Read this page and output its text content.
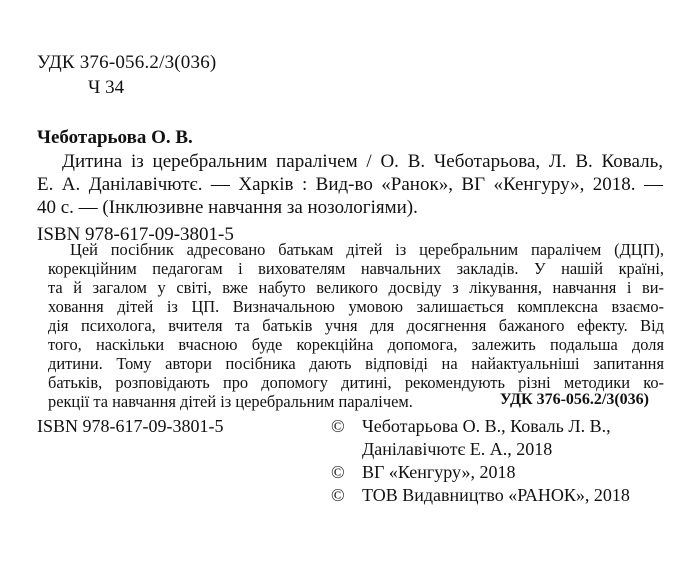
УДК 376-056.2/3(036)
Ч 34
Чеботарьова О. В.
Дитина із церебральним паралічем / О. В. Чеботарьова, Л. В. Коваль,
Е. А. Данілавічютє. — Харків : Вид-во «Ранок», ВГ «Кенгуру», 2018. —
40 с. — (Інклюзивне навчання за нозологіями).
ISBN 978-617-09-3801-5
Цей посібник адресовано батькам дітей із церебральним паралічем (ДЦП),
корекційним педагогам і вихователям навчальних закладів. У нашій країні,
та й загалом у світі, вже набуто великого досвіду з лікування, навчання і ви-
ховання дітей із ЦП. Визначальною умовою залишається комплексна взаємо-
дія психолога, вчителя та батьків учня для досягнення бажаного ефекту. Від
того, наскільки вчасною буде корекційна допомога, залежить подальша доля
дитини. Тому автори посібника дають відповіді на найактуальніші запитання
батьків, розповідають про допомогу дитині, рекомендують різні методики ко-
рекції та навчання дітей із церебральним паралічем.	УДК 376-056.2/3(036)
ISBN 978-617-09-3801-5	© Чеботарьова О. В., Коваль Л. В.,
Данілавічютє Е. А., 2018
© ВГ «Кенгуру», 2018
© ТОВ Видавництво «РАНОК», 2018
